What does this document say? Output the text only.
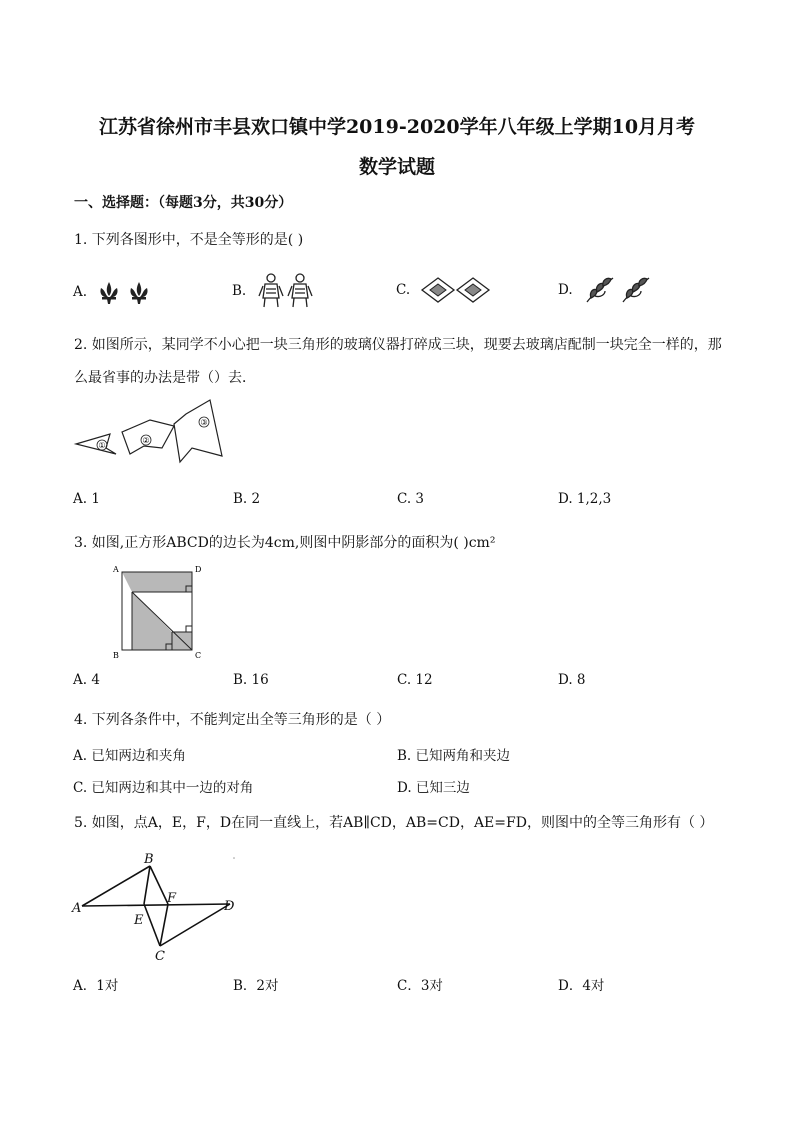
江苏省徐州市丰县欢口镇中学2019-2020学年八年级上学期10月月考
数学试题
一、选择题：（每题3分，共30分）
1. 下列各图形中，不是全等形的是( )
A.	B.	C.	D.
2. 如图所示，某同学不小心把一块三角形的玻璃仪器打碎成三块，现要去玻璃店配制一块完全一样的，那
么最省事的办法是带（）去．
①
②
③
A. 1	B. 2	C. 3	D. 1,2,3
3. 如图,正方形ABCD的边长为4cm,则图中阴影部分的面积为( )cm²
A	D
B	C
A. 4	B. 16	C. 12	D. 8
4. 下列各条件中，不能判定出全等三角形的是（ ）
A. 已知两边和夹角	B. 已知两角和夹边
C. 已知两边和其中一边的对角	D. 已知三边
5. 如图，点A，E，F，D在同一直线上，若AB∥CD，AB=CD，AE=FD，则图中的全等三角形有（ ）
A
B
E
F
D
C
A．1对	B．2对	C．3对	D．4对
